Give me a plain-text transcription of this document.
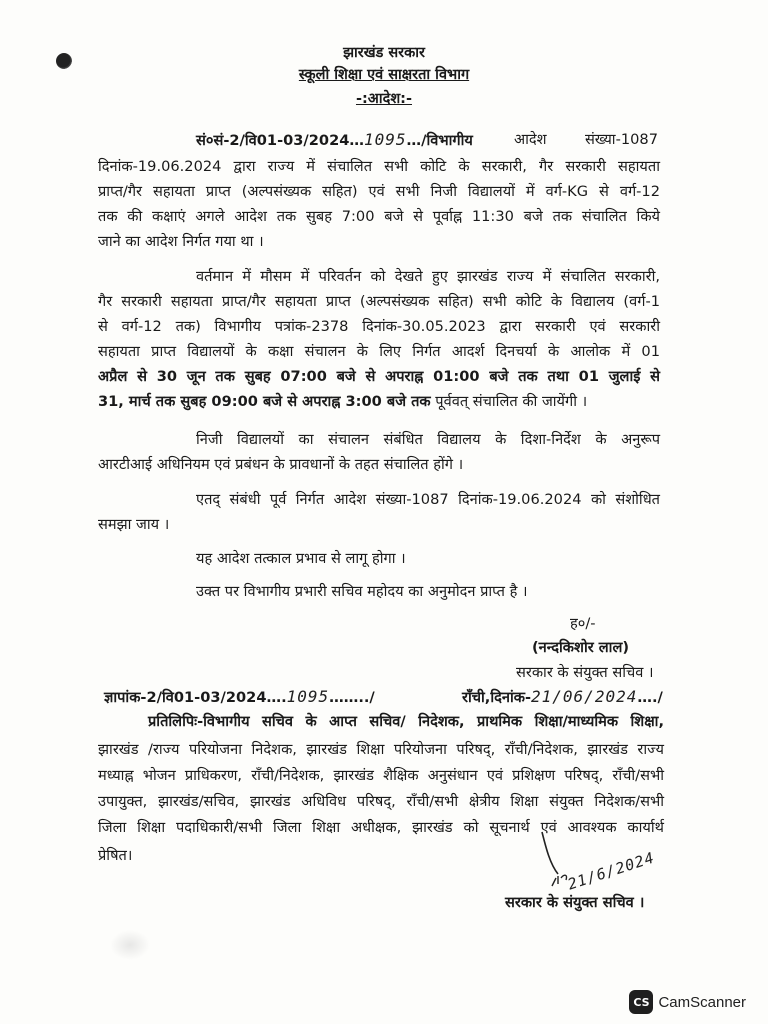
झारखंड सरकार
स्कूली शिक्षा एवं साक्षरता विभाग
-:आदेश:-
सं०सं-2/वि01-03/2024…1095…/विभागीय	आदेश	संख्या-1087
दिनांक-19.06.2024 द्वारा राज्य में संचालित सभी कोटि के सरकारी, गैर सरकारी सहायता
प्राप्त/गैर सहायता प्राप्त (अल्पसंख्यक सहित) एवं सभी निजी विद्यालयों में वर्ग-KG से वर्ग-12
तक की कक्षाएं अगले आदेश तक सुबह 7:00 बजे से पूर्वाह्न 11:30 बजे तक संचालित किये
जाने का आदेश निर्गत गया था ।
वर्तमान में मौसम में परिवर्तन को देखते हुए झारखंड राज्य में संचालित सरकारी,
गैर सरकारी सहायता प्राप्त/गैर सहायता प्राप्त (अल्पसंख्यक सहित) सभी कोटि के विद्यालय (वर्ग-1
से वर्ग-12 तक) विभागीय पत्रांक-2378 दिनांक-30.05.2023 द्वारा सरकारी एवं सरकारी
सहायता प्राप्त विद्यालयों के कक्षा संचालन के लिए निर्गत आदर्श दिनचर्या के आलोक में 01
अप्रैल से 30 जून तक सुबह 07:00 बजे से अपराह्न 01:00 बजे तक तथा 01 जुलाई से
31, मार्च तक सुबह 09:00 बजे से अपराह्न 3:00 बजे तक पूर्ववत् संचालित की जायेंगी ।
निजी विद्यालयों का संचालन संबंधित विद्यालय के दिशा-निर्देश के अनुरूप
आरटीआई अधिनियम एवं प्रबंधन के प्रावधानों के तहत संचालित होंगे ।
एतद् संबंधी पूर्व निर्गत आदेश संख्या-1087 दिनांक-19.06.2024 को संशोधित
समझा जाय ।
यह आदेश तत्काल प्रभाव से लागू होगा ।
उक्त पर विभागीय प्रभारी सचिव महोदय का अनुमोदन प्राप्त है ।
ह०/-
(नन्दकिशोर लाल)
सरकार के संयुक्त सचिव ।
ज्ञापांक-2/वि01-03/2024….1095……../	राँची,दिनांक-21/06/2024…./
प्रतिलिपिः-विभागीय सचिव के आप्त सचिव/ निदेशक, प्राथमिक शिक्षा/माध्यमिक शिक्षा,
झारखंड /राज्य परियोजना निदेशक, झारखंड शिक्षा परियोजना परिषद्, राँची/निदेशक, झारखंड राज्य
मध्याह्न भोजन प्राधिकरण, राँची/निदेशक, झारखंड शैक्षिक अनुसंधान एवं प्रशिक्षण परिषद्, राँची/सभी
उपायुक्त, झारखंड/सचिव, झारखंड अधिविध परिषद्, राँची/सभी क्षेत्रीय शिक्षा संयुक्त निदेशक/सभी
जिला शिक्षा पदाधिकारी/सभी जिला शिक्षा अधीक्षक, झारखंड को सूचनार्थ एवं आवश्यक कार्यार्थ
प्रेषित।	21/6/2024
सरकार के संयुक्त सचिव ।
CS CamScanner
